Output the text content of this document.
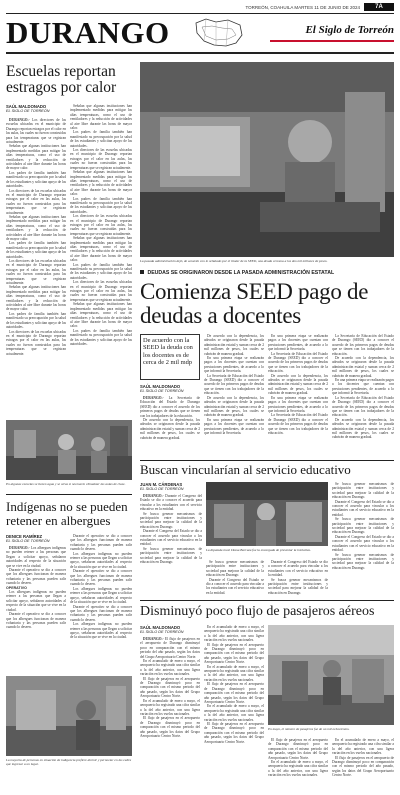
TORREÓN, COAHUILA MARTES 11 DE JUNIO DE 2024	7A
DURANGO	El Siglo de Torreón
Escuelas reportan estragos por calor
SAÚL MALDONADO
EL SIGLO DE TORREÓN

DURANGO.- Los directores de las escuelas ubicadas en el municipio de Durango reportan estragos por el calor en las aulas, las cuales no fueron construidas para las temperaturas que se registran actualmente.

Señalan que algunas instituciones han implementado medidas para mitigar las altas temperaturas, como el uso de ventiladores y la reducción de actividades al aire libre durante las horas de mayor calor.

Los padres de familia también han manifestado su preocupación por la salud de los estudiantes y solicitan apoyo de las autoridades.

Los directores de las escuelas ubicadas en el municipio de Durango reportan estragos por el calor en las aulas, las cuales no fueron construidas para las temperaturas que se registran actualmente.

Señalan que algunas instituciones han implementado medidas para mitigar las altas temperaturas, como el uso de ventiladores y la reducción de actividades al aire libre durante las horas de mayor calor.

Los padres de familia también han manifestado su preocupación por la salud de los estudiantes y solicitan apoyo de las autoridades.

Los directores de las escuelas ubicadas en el municipio de Durango reportan estragos por el calor en las aulas, las cuales no fueron construidas para las temperaturas que se registran actualmente.

Señalan que algunas instituciones han implementado medidas para mitigar las altas temperaturas, como el uso de ventiladores y la reducción de actividades al aire libre durante las horas de mayor calor.

Los padres de familia también han manifestado su preocupación por la salud de los estudiantes y solicitan apoyo de las autoridades.

Los directores de las escuelas ubicadas en el municipio de Durango reportan estragos por el calor en las aulas, las cuales no fueron construidas para las temperaturas que se registran actualmente.

Señalan que algunas instituciones han implementado medidas para mitigar las altas temperaturas, como el uso de ventiladores y la reducción de actividades al aire libre durante las horas de mayor calor.

Los padres de familia también han manifestado su preocupación por la salud de los estudiantes y solicitan apoyo de las autoridades.

Los directores de las escuelas ubicadas en el municipio de Durango reportan estragos por el calor en las aulas, las cuales no fueron construidas para las temperaturas que se registran actualmente.

Señalan que algunas instituciones han implementado medidas para mitigar las altas temperaturas, como el uso de ventiladores y la reducción de actividades al aire libre durante las horas de mayor calor.

Los padres de familia también han manifestado su preocupación por la salud de los estudiantes y solicitan apoyo de las autoridades.

Los directores de las escuelas ubicadas en el municipio de Durango reportan estragos por el calor en las aulas, las cuales no fueron construidas para las temperaturas que se registran actualmente.

Señalan que algunas instituciones han implementado medidas para mitigar las altas temperaturas, como el uso de ventiladores y la reducción de actividades al aire libre durante las horas de mayor calor.

Los padres de familia también han manifestado su preocupación por la salud de los estudiantes y solicitan apoyo de las autoridades.

Los directores de las escuelas ubicadas en el municipio de Durango reportan estragos por el calor en las aulas, las cuales no fueron construidas para las temperaturas que se registran actualmente.

Señalan que algunas instituciones han implementado medidas para mitigar las altas temperaturas, como el uso de ventiladores y la reducción de actividades al aire libre durante las horas de mayor calor.

Los padres de familia también han manifestado su preocupación por la salud de los estudiantes y solicitan apoyo de las autoridades.

En algunas escuelas se tienen agua y se otras si necesario climatizar las aulas de clase.
La pasada administración dejó, de acuerdo con lo señalado por el titular de la SEED, una deuda cercana a los dos mil millones de pesos.
DEUDAS SE ORIGINARON DESDE LA PASADA ADMINISTRACIÓN ESTATAL
Comienza SEED pago de deudas a docentes
De acuerdo con la SEED la deuda con los docentes es de cerca de 2 mil mdp
SAÚL MALDONADO
EL SIGLO DE TORREÓN

DURANGO.- La Secretaría de Educación del Estado de Durango (SEED) dio a conocer el acuerdo de los primeros pagos de deudas que se tienen con los trabajadores de la educación.

De acuerdo con la dependencia, los adeudos se originaron desde la pasada administración estatal y suman cerca de 2 mil millones de pesos, los cuales se cubrirán de manera gradual.

De acuerdo con la dependencia, los adeudos se originaron desde la pasada administración estatal y suman cerca de 2 mil millones de pesos, los cuales se cubrirán de manera gradual.

En una primera etapa se realizarán pagos a los docentes que cuentan con prestaciones pendientes, de acuerdo a lo que informó la Secretaría.

La Secretaría de Educación del Estado de Durango (SEED) dio a conocer el acuerdo de los primeros pagos de deudas que se tienen con los trabajadores de la educación.

De acuerdo con la dependencia, los adeudos se originaron desde la pasada administración estatal y suman cerca de 2 mil millones de pesos, los cuales se cubrirán de manera gradual.

En una primera etapa se realizarán pagos a los docentes que cuentan con prestaciones pendientes, de acuerdo a lo que informó la Secretaría.

En una primera etapa se realizarán pagos a los docentes que cuentan con prestaciones pendientes, de acuerdo a lo que informó la Secretaría.

La Secretaría de Educación del Estado de Durango (SEED) dio a conocer el acuerdo de los primeros pagos de deudas que se tienen con los trabajadores de la educación.

De acuerdo con la dependencia, los adeudos se originaron desde la pasada administración estatal y suman cerca de 2 mil millones de pesos, los cuales se cubrirán de manera gradual.

En una primera etapa se realizarán pagos a los docentes que cuentan con prestaciones pendientes, de acuerdo a lo que informó la Secretaría.

La Secretaría de Educación del Estado de Durango (SEED) dio a conocer el acuerdo de los primeros pagos de deudas que se tienen con los trabajadores de la educación.

La Secretaría de Educación del Estado de Durango (SEED) dio a conocer el acuerdo de los primeros pagos de deudas que se tienen con los trabajadores de la educación.

De acuerdo con la dependencia, los adeudos se originaron desde la pasada administración estatal y suman cerca de 2 mil millones de pesos, los cuales se cubrirán de manera gradual.

En una primera etapa se realizarán pagos a los docentes que cuentan con prestaciones pendientes, de acuerdo a lo que informó la Secretaría.

La Secretaría de Educación del Estado de Durango (SEED) dio a conocer el acuerdo de los primeros pagos de deudas que se tienen con los trabajadores de la educación.

De acuerdo con la dependencia, los adeudos se originaron desde la pasada administración estatal y suman cerca de 2 mil millones de pesos, los cuales se cubrirán de manera gradual.

Buscan vincularían al servicio educativo
JUAN M. CÁRDENAS
EL SIGLO DE TORREÓN

DURANGO.- Durante el Congreso del Estado se dio a conocer el acuerdo para vincular a los estudiantes con el servicio educativo en la entidad.

Se busca generar mecanismos de participación entre instituciones y sociedad para mejorar la calidad de la educación en Durango.

Durante el Congreso del Estado se dio a conocer el acuerdo para vincular a los estudiantes con el servicio educativo en la entidad.

Se busca generar mecanismos de participación entre instituciones y sociedad para mejorar la calidad de la educación en Durango.

La diputada local Diana Barraza fue la encargada de presentar la iniciativa.

Se busca generar mecanismos de participación entre instituciones y sociedad para mejorar la calidad de la educación en Durango.

Durante el Congreso del Estado se dio a conocer el acuerdo para vincular a los estudiantes con el servicio educativo en la entidad.

Durante el Congreso del Estado se dio a conocer el acuerdo para vincular a los estudiantes con el servicio educativo en la entidad.

Se busca generar mecanismos de participación entre instituciones y sociedad para mejorar la calidad de la educación en Durango.

Se busca generar mecanismos de participación entre instituciones y sociedad para mejorar la calidad de la educación en Durango.

Durante el Congreso del Estado se dio a conocer el acuerdo para vincular a los estudiantes con el servicio educativo en la entidad.

Se busca generar mecanismos de participación entre instituciones y sociedad para mejorar la calidad de la educación en Durango.

Durante el Congreso del Estado se dio a conocer el acuerdo para vincular a los estudiantes con el servicio educativo en la entidad.

Se busca generar mecanismos de participación entre instituciones y sociedad para mejorar la calidad de la educación en Durango.

Indígenas no se pueden retener en albergues
DENICE RAMÍREZ
EL SIGLO DE TORREÓN

DURANGO.- Los albergues indígenas no pueden retener a las personas que llegan a solicitar apoyo, señalaron autoridades al respecto de la situación que se vive en la ciudad.

Durante el operativo se dio a conocer que los albergues funcionan de manera voluntaria y las personas pueden salir cuando lo deseen.

OPERATIVO

Los albergues indígenas no pueden retener a las personas que llegan a solicitar apoyo, señalaron autoridades al respecto de la situación que se vive en la ciudad.

Durante el operativo se dio a conocer que los albergues funcionan de manera voluntaria y las personas pueden salir cuando lo deseen.

Durante el operativo se dio a conocer que los albergues funcionan de manera voluntaria y las personas pueden salir cuando lo deseen.

Los albergues indígenas no pueden retener a las personas que llegan a solicitar apoyo, señalaron autoridades al respecto de la situación que se vive en la ciudad.

Durante el operativo se dio a conocer que los albergues funcionan de manera voluntaria y las personas pueden salir cuando lo deseen.

Los albergues indígenas no pueden retener a las personas que llegan a solicitar apoyo, señalaron autoridades al respecto de la situación que se vive en la ciudad.

Durante el operativo se dio a conocer que los albergues funcionan de manera voluntaria y las personas pueden salir cuando lo deseen.

Los albergues indígenas no pueden retener a las personas que llegan a solicitar apoyo, señalaron autoridades al respecto de la situación que se vive en la ciudad.

La mayoría de personas en situación de indigencia prefiere dormir y pernoctar en las calles que ingresar a un lugar.
Disminuyó poco flujo de pasajeros aéreos
SAÚL MALDONADO
EL SIGLO DE TORREÓN

DURANGO.- El flujo de pasajeros en el aeropuerto de Durango disminuyó poco en comparación con el mismo periodo del año pasado, según los datos del Grupo Aeroportuario Centro Norte.

En el acumulado de enero a mayo, el aeropuerto ha registrado una cifra similar a la del año anterior, con una ligera variación en los vuelos nacionales.

El flujo de pasajeros en el aeropuerto de Durango disminuyó poco en comparación con el mismo periodo del año pasado, según los datos del Grupo Aeroportuario Centro Norte.

En el acumulado de enero a mayo, el aeropuerto ha registrado una cifra similar a la del año anterior, con una ligera variación en los vuelos nacionales.

El flujo de pasajeros en el aeropuerto de Durango disminuyó poco en comparación con el mismo periodo del año pasado, según los datos del Grupo Aeroportuario Centro Norte.

En el acumulado de enero a mayo, el aeropuerto ha registrado una cifra similar a la del año anterior, con una ligera variación en los vuelos nacionales.

El flujo de pasajeros en el aeropuerto de Durango disminuyó poco en comparación con el mismo periodo del año pasado, según los datos del Grupo Aeroportuario Centro Norte.

En el acumulado de enero a mayo, el aeropuerto ha registrado una cifra similar a la del año anterior, con una ligera variación en los vuelos nacionales.

El flujo de pasajeros en el aeropuerto de Durango disminuyó poco en comparación con el mismo periodo del año pasado, según los datos del Grupo Aeroportuario Centro Norte.

En el acumulado de enero a mayo, el aeropuerto ha registrado una cifra similar a la del año anterior, con una ligera variación en los vuelos nacionales.

El flujo de pasajeros en el aeropuerto de Durango disminuyó poco en comparación con el mismo periodo del año pasado, según los datos del Grupo Aeroportuario Centro Norte.

En mayo, el número de pasajeros fue de un mil ochocientos.

El flujo de pasajeros en el aeropuerto de Durango disminuyó poco en comparación con el mismo periodo del año pasado, según los datos del Grupo Aeroportuario Centro Norte.

En el acumulado de enero a mayo, el aeropuerto ha registrado una cifra similar a la del año anterior, con una ligera variación en los vuelos nacionales.

En el acumulado de enero a mayo, el aeropuerto ha registrado una cifra similar a la del año anterior, con una ligera variación en los vuelos nacionales.

El flujo de pasajeros en el aeropuerto de Durango disminuyó poco en comparación con el mismo periodo del año pasado, según los datos del Grupo Aeroportuario Centro Norte.
